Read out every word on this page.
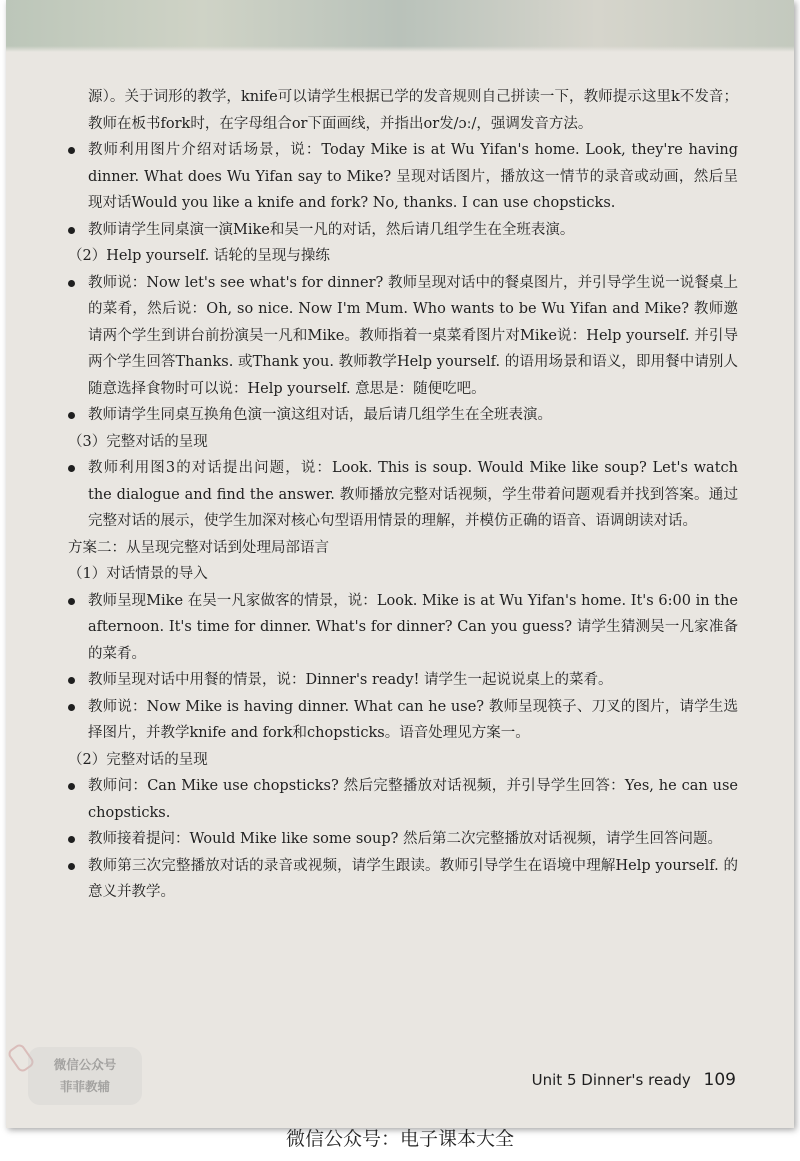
源）。关于词形的教学，knife可以请学生根据已学的发音规则自己拼读一下，教师提示这里k不发音；教师在板书fork时，在字母组合or下面画线，并指出or发/ɔː/，强调发音方法。

教师利用图片介绍对话场景，说：Today Mike is at Wu Yifan's home. Look, they're having dinner. What does Wu Yifan say to Mike? 呈现对话图片，播放这一情节的录音或动画，然后呈现对话Would you like a knife and fork? No, thanks. I can use chopsticks.

教师请学生同桌演一演Mike和吴一凡的对话，然后请几组学生在全班表演。

（2）Help yourself. 话轮的呈现与操练

教师说：Now let's see what's for dinner? 教师呈现对话中的餐桌图片，并引导学生说一说餐桌上的菜肴，然后说：Oh, so nice. Now I'm Mum. Who wants to be Wu Yifan and Mike? 教师邀请两个学生到讲台前扮演吴一凡和Mike。教师指着一桌菜肴图片对Mike说：Help yourself. 并引导两个学生回答Thanks. 或Thank you. 教师教学Help yourself. 的语用场景和语义，即用餐中请别人随意选择食物时可以说：Help yourself. 意思是：随便吃吧。

教师请学生同桌互换角色演一演这组对话，最后请几组学生在全班表演。

（3）完整对话的呈现

教师利用图3的对话提出问题，说：Look. This is soup. Would Mike like soup? Let's watch the dialogue and find the answer. 教师播放完整对话视频，学生带着问题观看并找到答案。通过完整对话的展示，使学生加深对核心句型语用情景的理解，并模仿正确的语音、语调朗读对话。

方案二：从呈现完整对话到处理局部语言

（1）对话情景的导入

教师呈现Mike 在吴一凡家做客的情景，说：Look. Mike is at Wu Yifan's home. It's 6:00 in the afternoon. It's time for dinner. What's for dinner? Can you guess? 请学生猜测吴一凡家准备的菜肴。

教师呈现对话中用餐的情景，说：Dinner's ready! 请学生一起说说桌上的菜肴。

教师说：Now Mike is having dinner. What can he use? 教师呈现筷子、刀叉的图片，请学生选择图片，并教学knife and fork和chopsticks。语音处理见方案一。

（2）完整对话的呈现

教师问：Can Mike use chopsticks? 然后完整播放对话视频，并引导学生回答：Yes, he can use chopsticks.

教师接着提问：Would Mike like some soup? 然后第二次完整播放对话视频，请学生回答问题。

教师第三次完整播放对话的录音或视频，请学生跟读。教师引导学生在语境中理解Help yourself. 的意义并教学。

微信公众号
菲菲教辅	Unit 5 Dinner's ready 109
微信公众号：电子课本大全
